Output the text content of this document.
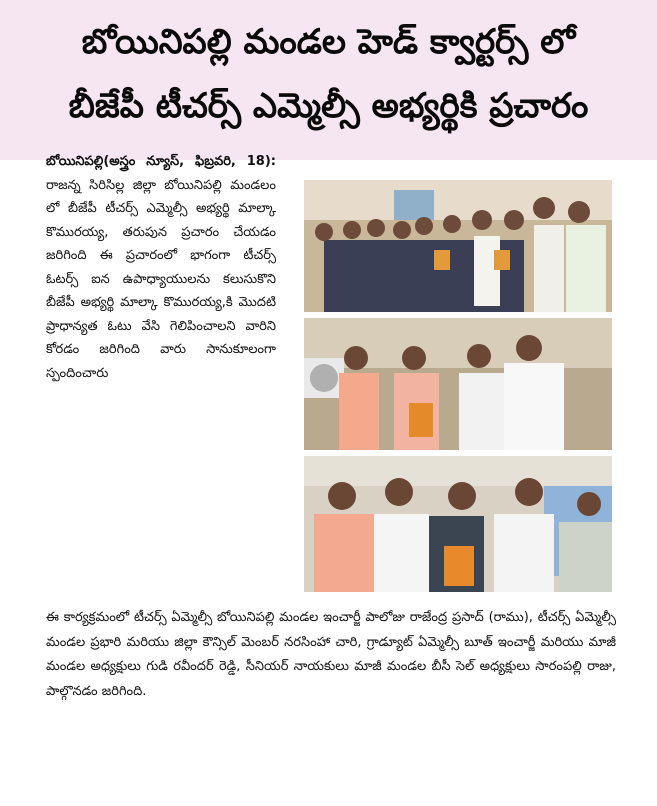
బోయినిపల్లి మండల హెడ్ క్వార్టర్స్ లో
బీజేపీ టీచర్స్ ఎమ్మెల్సీ అభ్యర్థికి ప్రచారం

బోయినిపల్లి(అస్త్రం న్యూస్, ఫిబ్రవరి, 18): రాజన్న సిరిసిల్ల జిల్లా బోయినిపల్లి మండలం లో బీజేపీ టీచర్స్ ఎమ్మెల్సీ అభ్యర్థి మాల్కా కొమురయ్య, తరుపున ప్రచారం చేయడం జరిగింది ఈ ప్రచారంలో భాగంగా టీచర్స్ ఓటర్స్ ఐన ఉపాధ్యాయులను కలుసుకొని బీజేపీ అభ్యర్థి మాల్కా కొమురయ్య,కి మొదటి ప్రాధాన్యత ఓటు వేసి గెలిపించాలని వారిని కోరడం జరిగింది వారు సానుకూలంగా స్పందించారు

ఈ కార్యక్రమంలో టీచర్స్ ఏమ్మెల్సీ బోయినిపల్లి మండల ఇంచార్జీ పాలోజు రాజేంద్ర ప్రసాద్ (రాము), టీచర్స్ ఏమ్మెల్సీ మండల ప్రభారి మరియు జిల్లా కౌన్సిల్ మెంబర్ నరసింహా చారి, గ్రాడ్యూట్ ఏమ్మెల్సీ బూత్ ఇంచార్జీ మరియు మాజీ మండల అధ్యక్షులు గుడి రవీందర్ రెడ్డి, సీనియర్ నాయకులు మాజీ మండల బీసీ సెల్ అధ్యక్షులు సారంపల్లి రాజు, పాల్గొనడం జరిగింది.
